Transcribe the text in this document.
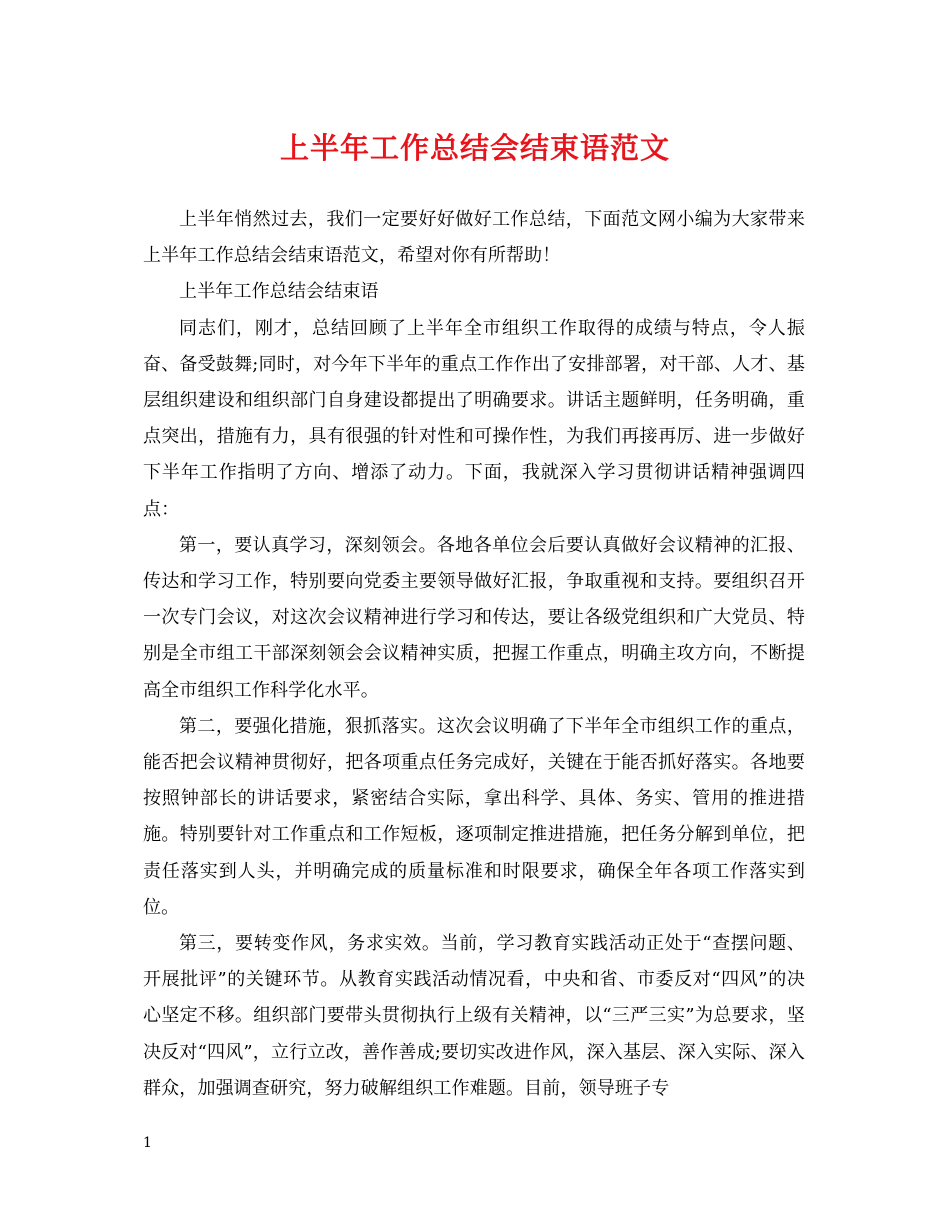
上半年工作总结会结束语范文

上半年悄然过去，我们一定要好好做好工作总结，下面范文网小编为大家带来上半年工作总结会结束语范文，希望对你有所帮助！

上半年工作总结会结束语

同志们，刚才，总结回顾了上半年全市组织工作取得的成绩与特点，令人振奋、备受鼓舞;同时，对今年下半年的重点工作作出了安排部署，对干部、人才、基层组织建设和组织部门自身建设都提出了明确要求。讲话主题鲜明，任务明确，重点突出，措施有力，具有很强的针对性和可操作性，为我们再接再厉、进一步做好下半年工作指明了方向、增添了动力。下面，我就深入学习贯彻讲话精神强调四点：

第一，要认真学习，深刻领会。各地各单位会后要认真做好会议精神的汇报、传达和学习工作，特别要向党委主要领导做好汇报，争取重视和支持。要组织召开一次专门会议，对这次会议精神进行学习和传达，要让各级党组织和广大党员、特别是全市组工干部深刻领会会议精神实质，把握工作重点，明确主攻方向，不断提高全市组织工作科学化水平。

第二，要强化措施，狠抓落实。这次会议明确了下半年全市组织工作的重点，能否把会议精神贯彻好，把各项重点任务完成好，关键在于能否抓好落实。各地要按照钟部长的讲话要求，紧密结合实际，拿出科学、具体、务实、管用的推进措施。特别要针对工作重点和工作短板，逐项制定推进措施，把任务分解到单位，把责任落实到人头，并明确完成的质量标准和时限要求，确保全年各项工作落实到位。

第三，要转变作风，务求实效。当前，学习教育实践活动正处于“查摆问题、开展批评”的关键环节。从教育实践活动情况看，中央和省、市委反对“四风”的决心坚定不移。组织部门要带头贯彻执行上级有关精神，以“三严三实”为总要求，坚决反对“四风”，立行立改，善作善成;要切实改进作风，深入基层、深入实际、深入群众，加强调查研究，努力破解组织工作难题。目前，领导班子专

1
